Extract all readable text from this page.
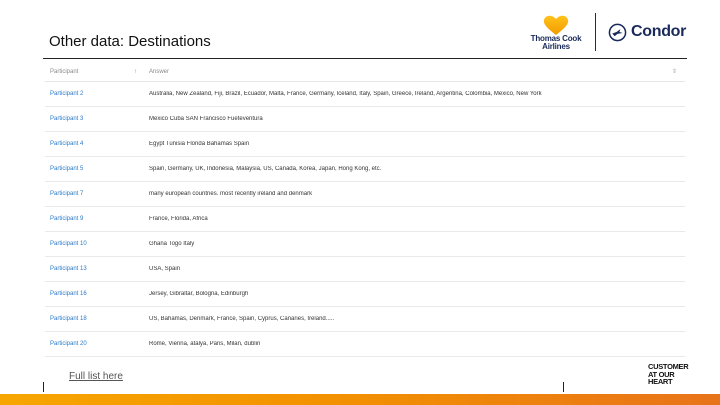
Other data: Destinations	Thomas Cook
Airlines
Condor
Participant	↑ Answer	⇕
Participant 2	Australia, New Zealand, Fiji, Brazil, Ecuador, Malta, France, Germany, Iceland, Italy, Spain, Greece, Ireland, Argentina, Colombia, Mexico, New York
Participant 3	Mexico Cuba SAN Francisco Fueteventura
Participant 4	Egypt Tunisia Florida Bahamas Spain
Participant 5	Spain, Germany, UK, Indonesia, Malaysia, US, Canada, Korea, Japan, Hong Kong, etc.
Participant 7	many european countries. most recently ireland and denmark
Participant 9	France, Florida, Africa
Participant 10	Ghana Togo Italy
Participant 13	USA, Spain
Participant 16	Jersey, Gibraltar, Bologna, Edinburgh
Participant 18	US, Bahamas, Denmark, France, Spain, Cyprus, Canaries, Ireland.....
Participant 20	Rome, Vienna, atalya, Paris, Milan, dublin
Full list here
CUSTOMER
AT OUR
HEART
